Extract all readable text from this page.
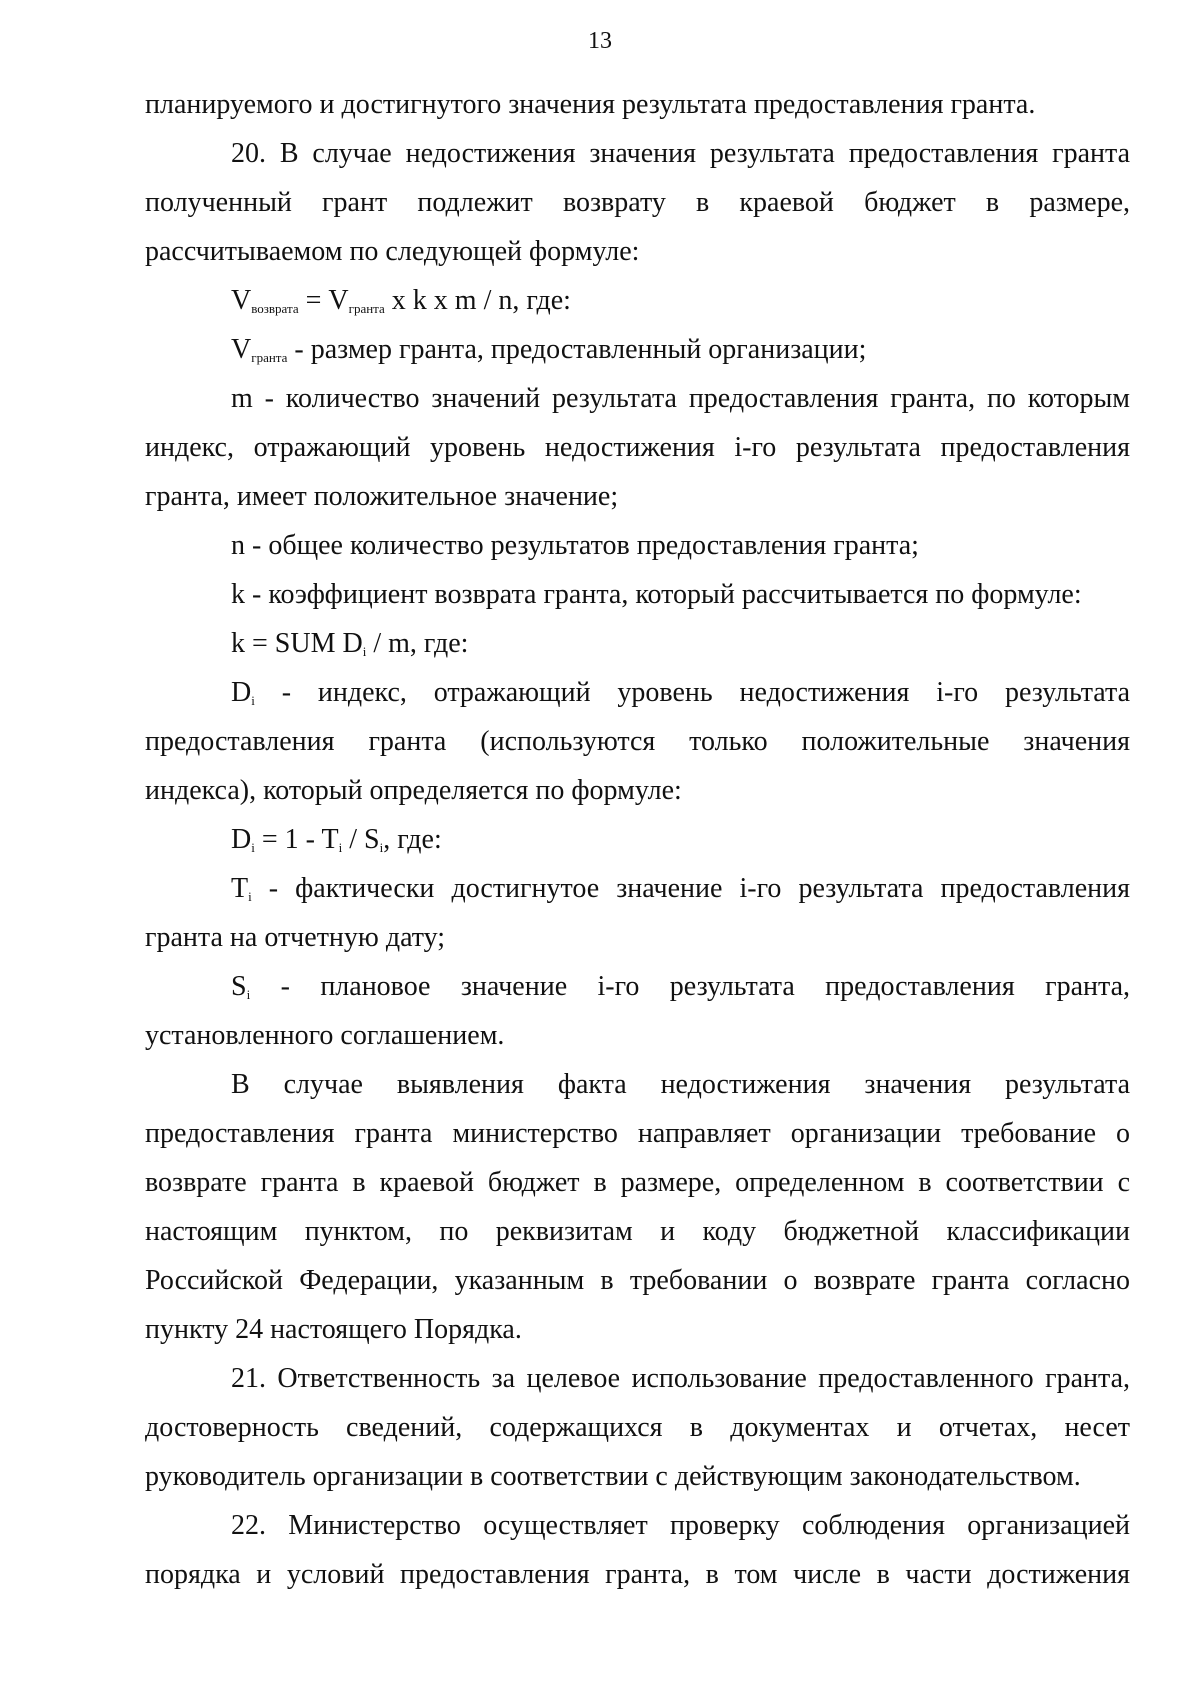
13
планируемого и достигнутого значения результата предоставления гранта.
20. В случае недостижения значения результата предоставления гранта
полученный грант подлежит возврату в краевой бюджет в размере,
рассчитываемом по следующей формуле:
$V_{возврата} = V_{гранта}$ x k x m / n, где:
$V_{гранта}$ - размер гранта, предоставленный организации;
m - количество значений результата предоставления гранта, по которым
индекс, отражающий уровень недостижения i-го результата предоставления
гранта, имеет положительное значение;
n - общее количество результатов предоставления гранта;
k - коэффициент возврата гранта, который рассчитывается по формуле:
k = SUM $D_i$ / m, где:
$D_i$ - индекс, отражающий уровень недостижения i-го результата
предоставления гранта (используются только положительные значения
индекса), который определяется по формуле:
$D_i = 1 - T_i / S_i$, где:
$T_i$ - фактически достигнутое значение i-го результата предоставления
гранта на отчетную дату;
$S_i$ - плановое значение i-го результата предоставления гранта,
установленного соглашением.
В случае выявления факта недостижения значения результата
предоставления гранта министерство направляет организации требование о
возврате гранта в краевой бюджет в размере, определенном в соответствии с
настоящим пунктом, по реквизитам и коду бюджетной классификации
Российской Федерации, указанным в требовании о возврате гранта согласно
пункту 24 настоящего Порядка.
21. Ответственность за целевое использование предоставленного гранта,
достоверность сведений, содержащихся в документах и отчетах, несет
руководитель организации в соответствии с действующим законодательством.
22. Министерство осуществляет проверку соблюдения организацией
порядка и условий предоставления гранта, в том числе в части достижения
